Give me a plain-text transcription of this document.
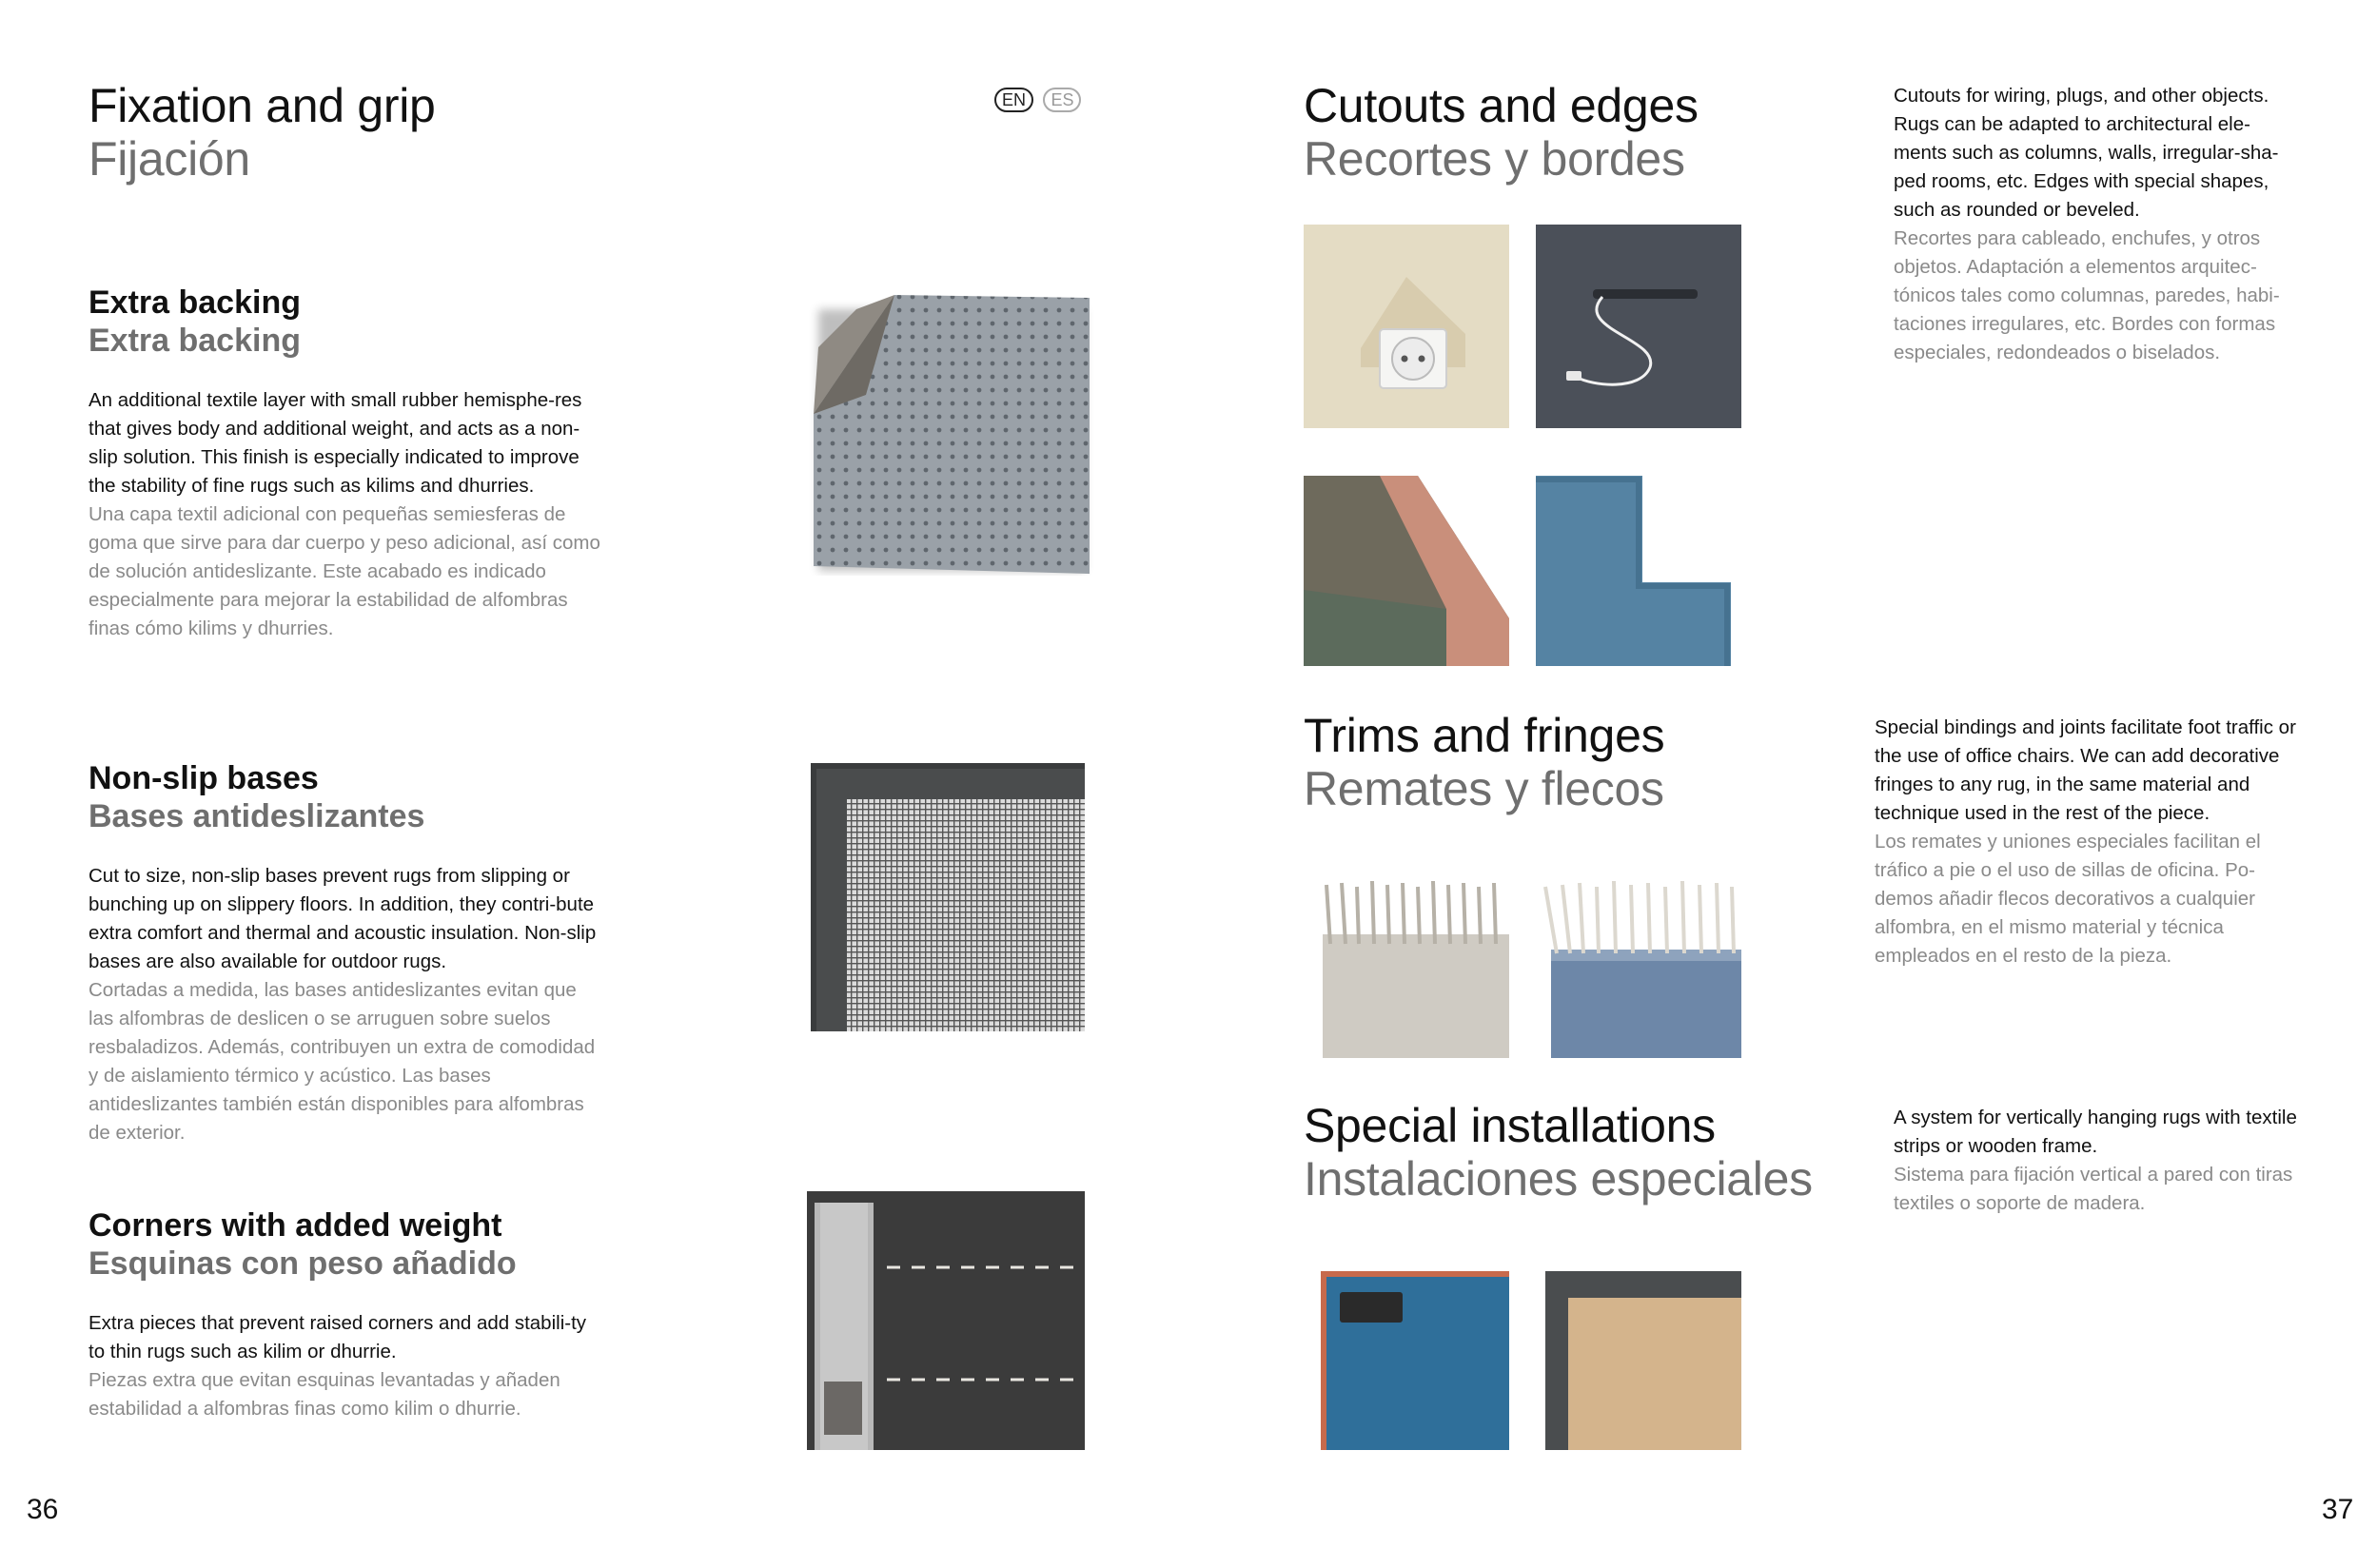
Fixation and grip
Fijación
EN ES
Extra backing
Extra backing

An additional textile layer with small rubber hemisphe-res that gives body and additional weight, and acts as a non-slip solution. This finish is especially indicated to improve the stability of fine rugs such as kilims and dhurries.

Una capa textil adicional con pequeñas semiesferas de goma que sirve para dar cuerpo y peso adicional, así como de solución antideslizante. Este acabado es indicado especialmente para mejorar la estabilidad de alfombras finas cómo kilims y dhurries.

Non-slip bases
Bases antideslizantes

Cut to size, non-slip bases prevent rugs from slipping or bunching up on slippery floors. In addition, they contri-bute extra comfort and thermal and acoustic insulation. Non-slip bases are also available for outdoor rugs.

Cortadas a medida, las bases antideslizantes evitan que las alfombras de deslicen o se arruguen sobre suelos resbaladizos. Además, contribuyen un extra de comodidad y de aislamiento térmico y acústico. Las bases antideslizantes también están disponibles para alfombras de exterior.

Corners with added weight
Esquinas con peso añadido

Extra pieces that prevent raised corners and add stabili-ty to thin rugs such as kilim or dhurrie.

Piezas extra que evitan esquinas levantadas y añaden estabilidad a alfombras finas como kilim o dhurrie.

36
Cutouts and edges
Recortes y bordes

Cutouts for wiring, plugs, and other objects. Rugs can be adapted to architectural ele-ments such as columns, walls, irregular-sha-ped rooms, etc. Edges with special shapes, such as rounded or beveled.

Recortes para cableado, enchufes, y otros objetos. Adaptación a elementos arquitec-tónicos tales como columnas, paredes, habi-taciones irregulares, etc. Bordes con formas especiales, redondeados o biselados.

Trims and fringes
Remates y flecos

Special bindings and joints facilitate foot traffic or the use of office chairs. We can add decorative fringes to any rug, in the same material and technique used in the rest of the piece.

Los remates y uniones especiales facilitan el tráfico a pie o el uso de sillas de oficina. Po-demos añadir flecos decorativos a cualquier alfombra, en el mismo material y técnica empleados en el resto de la pieza.

Special installations
Instalaciones especiales

A system for vertically hanging rugs with textile strips or wooden frame.

Sistema para fijación vertical a pared con tiras textiles o soporte de madera.

37
